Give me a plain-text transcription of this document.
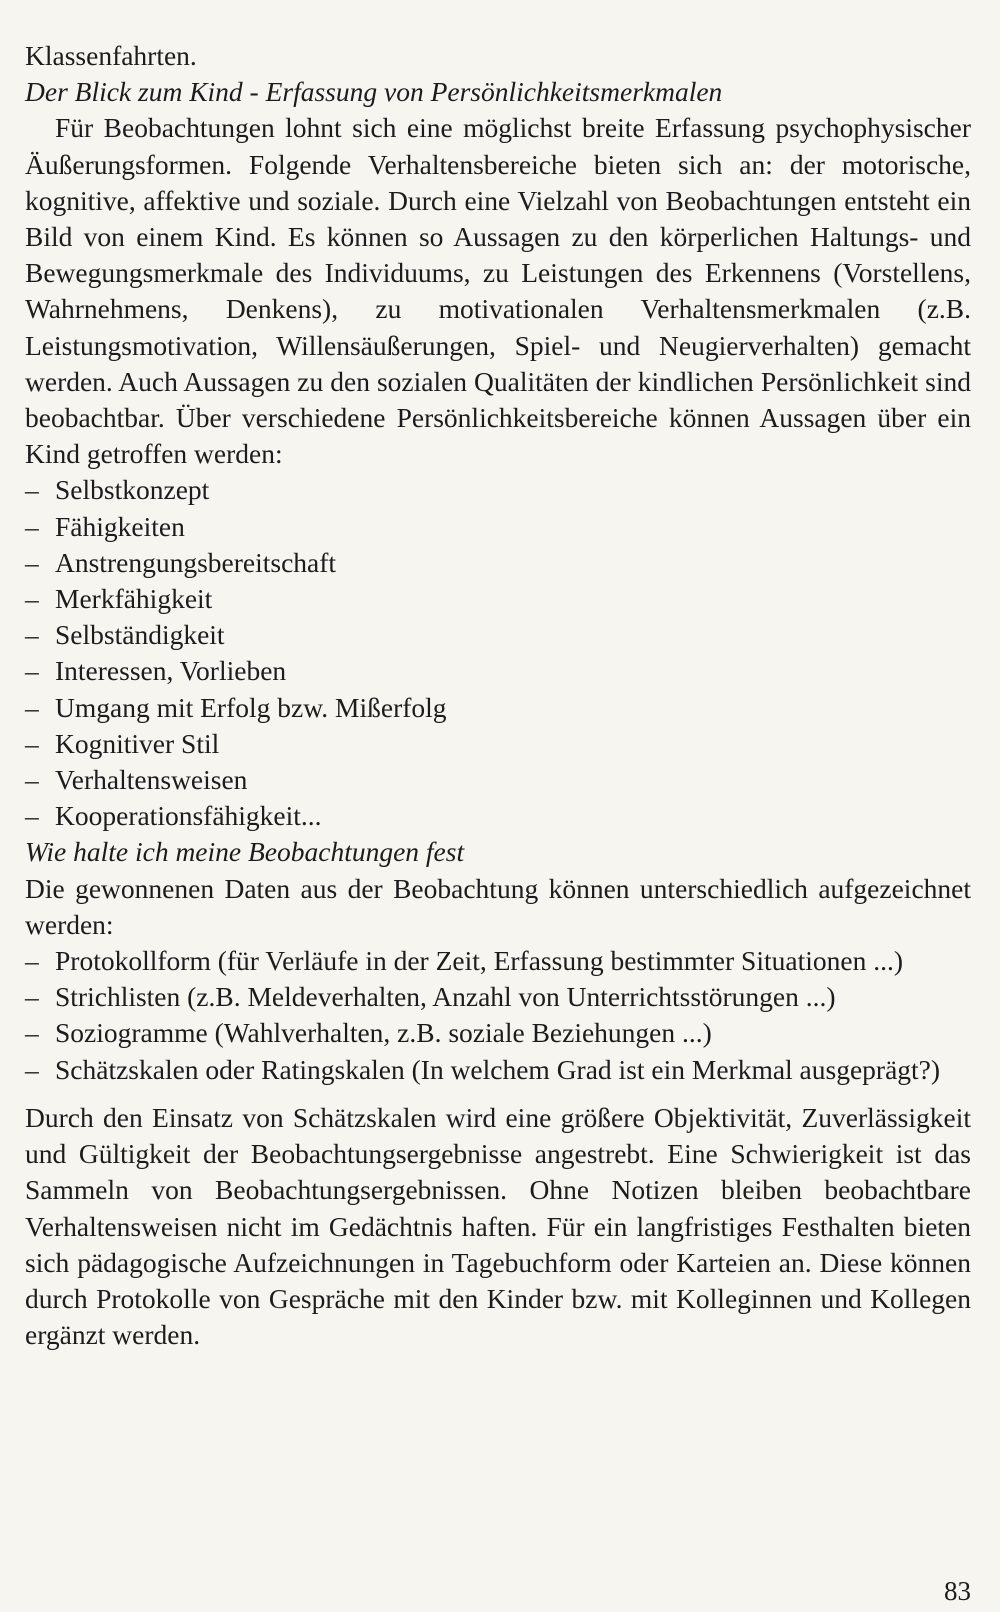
Klassenfahrten.

Der Blick zum Kind - Erfassung von Persönlichkeitsmerkmalen

Für Beobachtungen lohnt sich eine möglichst breite Erfassung psychophysischer Äußerungsformen. Folgende Verhaltensbereiche bieten sich an: der motorische, kognitive, affektive und soziale. Durch eine Vielzahl von Beobachtungen entsteht ein Bild von einem Kind. Es können so Aussagen zu den körperlichen Haltungs- und Bewegungsmerkmale des Individuums, zu Leistungen des Erkennens (Vorstellens, Wahrnehmens, Denkens), zu motivationalen Verhaltensmerkmalen (z.B. Leistungsmotivation, Willensäußerungen, Spiel- und Neugierverhalten) gemacht werden. Auch Aussagen zu den sozialen Qualitäten der kindlichen Persönlichkeit sind beobachtbar. Über verschiedene Persönlichkeitsbereiche können Aussagen über ein Kind getroffen werden:

– Selbstkonzept
– Fähigkeiten
– Anstrengungsbereitschaft
– Merkfähigkeit
– Selbständigkeit
– Interessen, Vorlieben
– Umgang mit Erfolg bzw. Mißerfolg
– Kognitiver Stil
– Verhaltensweisen
– Kooperationsfähigkeit...

Wie halte ich meine Beobachtungen fest

Die gewonnenen Daten aus der Beobachtung können unterschiedlich aufgezeichnet werden:

– Protokollform (für Verläufe in der Zeit, Erfassung bestimmter Situationen ...)
– Strichlisten (z.B. Meldeverhalten, Anzahl von Unterrichtsstörungen ...)
– Soziogramme (Wahlverhalten, z.B. soziale Beziehungen ...)
– Schätzskalen oder Ratingskalen (In welchem Grad ist ein Merkmal ausgeprägt?)

Durch den Einsatz von Schätzskalen wird eine größere Objektivität, Zuverlässigkeit und Gültigkeit der Beobachtungsergebnisse angestrebt. Eine Schwierigkeit ist das Sammeln von Beobachtungsergebnissen. Ohne Notizen bleiben beobachtbare Verhaltensweisen nicht im Gedächtnis haften. Für ein langfristiges Festhalten bieten sich pädagogische Aufzeichnungen in Tagebuchform oder Karteien an. Diese können durch Protokolle von Gespräche mit den Kinder bzw. mit Kolleginnen und Kollegen ergänzt werden.

83
